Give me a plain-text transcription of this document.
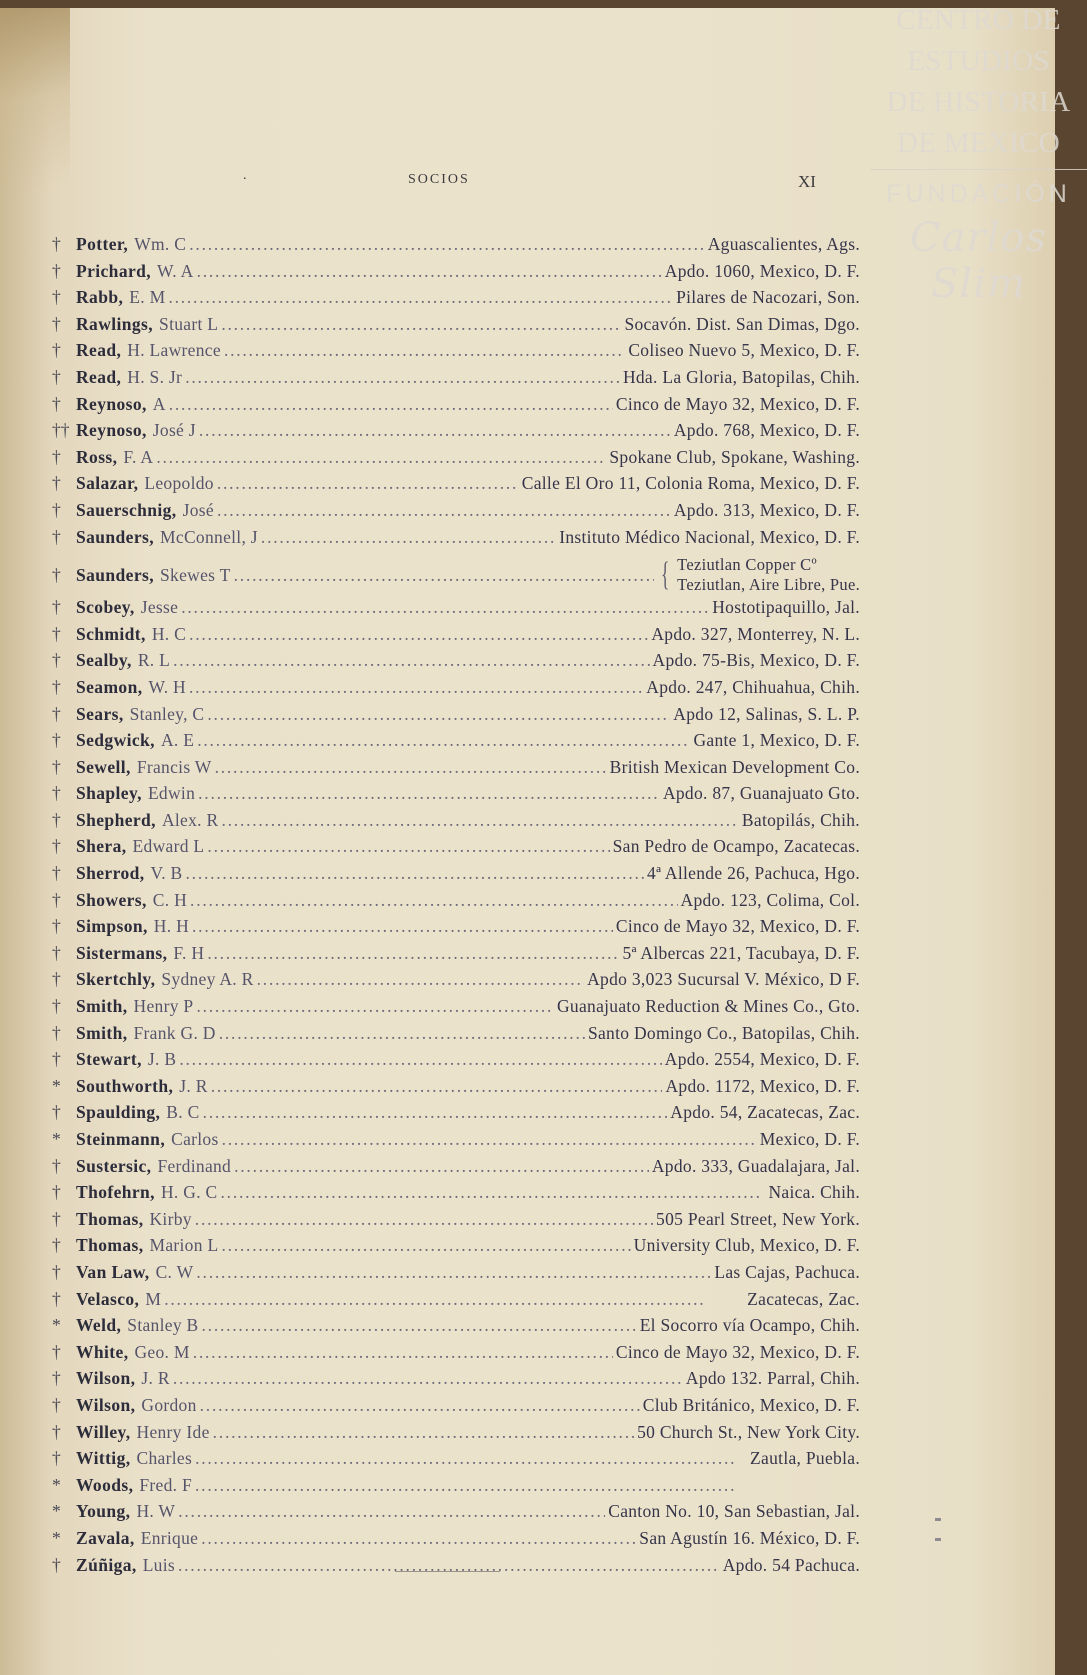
.	SOCIOS	XI
† Potter, Wm. C . . .	Aguascalientes, Ags.
† Prichard, W. A . . .	Apdo. 1060, Mexico, D. F.
† Rabb, E. M . . .	Pilares de Nacozari, Son.
† Rawlings, Stuart L . . .	Socavón. Dist. San Dimas, Dgo.
† Read, H. Lawrence . . .	Coliseo Nuevo 5, Mexico, D. F.
† Read, H. S. Jr . . .	Hda. La Gloria, Batopilas, Chih.
† Reynoso, A . . .	Cinco de Mayo 32, Mexico, D. F.
†† Reynoso, José J . . .	Apdo. 768, Mexico, D. F.
† Ross, F. A . . .	Spokane Club, Spokane, Washing.
† Salazar, Leopoldo . . .	Calle El Oro 11, Colonia Roma, Mexico, D. F.
† Sauerschnig, José . . .	Apdo. 313, Mexico, D. F.
† Saunders, McConnell, J . . .	Instituto Médico Nacional, Mexico, D. F.
† Saunders, Skewes T . . .	{ Teziutlan Copper Cº
Teziutlan, Aire Libre, Pue.
† Scobey, Jesse . . .	Hostotipaquillo, Jal.
† Schmidt, H. C . . .	Apdo. 327, Monterrey, N. L.
† Sealby, R. L . . .	Apdo. 75-Bis, Mexico, D. F.
† Seamon, W. H . . .	Apdo. 247, Chihuahua, Chih.
† Sears, Stanley, C . . .	Apdo 12, Salinas, S. L. P.
† Sedgwick, A. E . . .	Gante 1, Mexico, D. F.
† Sewell, Francis W . . .	British Mexican Development Co.
† Shapley, Edwin . . .	Apdo. 87, Guanajuato Gto.
† Shepherd, Alex. R . . .	Batopilás, Chih.
† Shera, Edward L . . .	San Pedro de Ocampo, Zacatecas.
† Sherrod, V. B . . .	4ª Allende 26, Pachuca, Hgo.
† Showers, C. H . . .	Apdo. 123, Colima, Col.
† Simpson, H. H . . .	Cinco de Mayo 32, Mexico, D. F.
† Sistermans, F. H . . .	5ª Albercas 221, Tacubaya, D. F.
† Skertchly, Sydney A. R . . .	Apdo 3,023 Sucursal V. México, D F.
† Smith, Henry P . . .	Guanajuato Reduction & Mines Co., Gto.
† Smith, Frank G. D . . .	Santo Domingo Co., Batopilas, Chih.
† Stewart, J. B . . .	Apdo. 2554, Mexico, D. F.
* Southworth, J. R . . .	Apdo. 1172, Mexico, D. F.
† Spaulding, B. C . . .	Apdo. 54, Zacatecas, Zac.
* Steinmann, Carlos . . .	Mexico, D. F.
† Sustersic, Ferdinand . . .	Apdo. 333, Guadalajara, Jal.
† Thofehrn, H. G. C . . .	Naica. Chih.
† Thomas, Kirby . . .	505 Pearl Street, New York.
† Thomas, Marion L . . .	University Club, Mexico, D. F.
† Van Law, C. W . . .	Las Cajas, Pachuca.
† Velasco, M . . .	Zacatecas, Zac.
* Weld, Stanley B . . .	El Socorro vía Ocampo, Chih.
† White, Geo. M . . .	Cinco de Mayo 32, Mexico, D. F.
† Wilson, J. R . . .	Apdo 132. Parral, Chih.
† Wilson, Gordon . . .	Club Británico, Mexico, D. F.
† Willey, Henry Ide . . .	50 Church St., New York City.
† Wittig, Charles . . .	Zautla, Puebla.
* Woods, Fred. F
. . .
* Young, H. W . . .	Canton No. 10, San Sebastian, Jal.
* Zavala, Enrique . . .	San Agustín 16. México, D. F.
† Zúñiga, Luis . . .	Apdo. 54 Pachuca.
CENTRO DE
ESTUDIOS
DE HISTORIA
DE MEXICO
FUNDACIÓN
Carlos Slim
